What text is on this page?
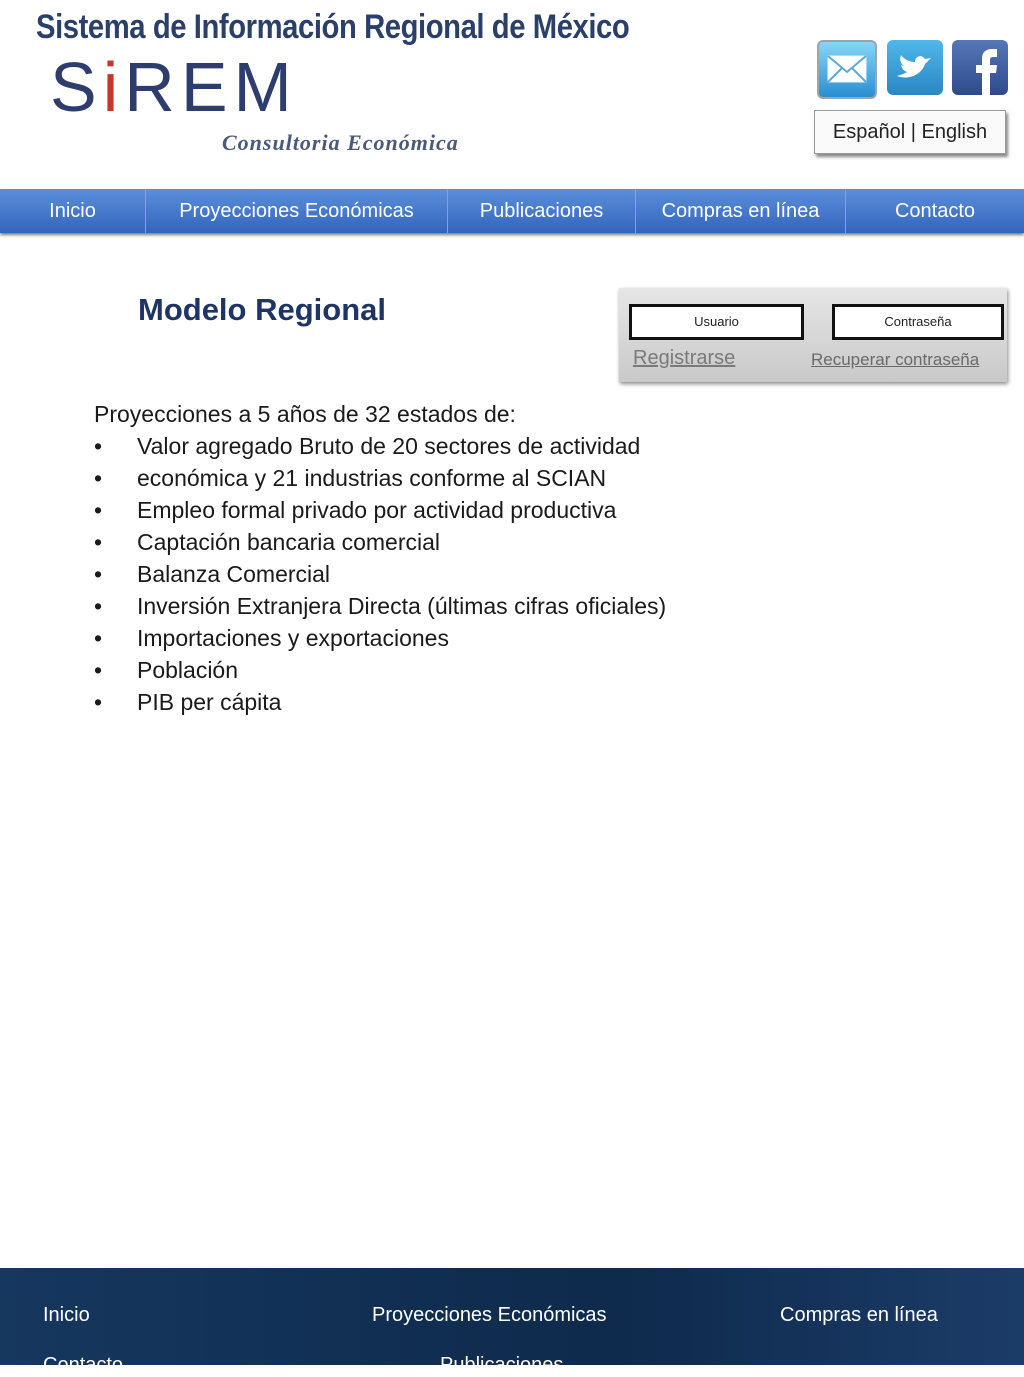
Sistema de Información Regional de México
SiREM
Consultoria Económica	Español | English
Inicio	Proyecciones Económicas	Publicaciones	Compras en línea	Contacto
Modelo Regional	Usuario	Contraseña
Registrarse	Recuperar contraseña
Proyecciones a 5 años de 32 estados de:
• Valor agregado Bruto de 20 sectores de actividad
• económica y 21 industrias conforme al SCIAN
• Empleo formal privado por actividad productiva
• Captación bancaria comercial
• Balanza Comercial
• Inversión Extranjera Directa (últimas cifras oficiales)
• Importaciones y exportaciones
• Población
• PIB per cápita
Inicio	Proyecciones Económicas	Compras en línea
Contacto	Publicaciones
